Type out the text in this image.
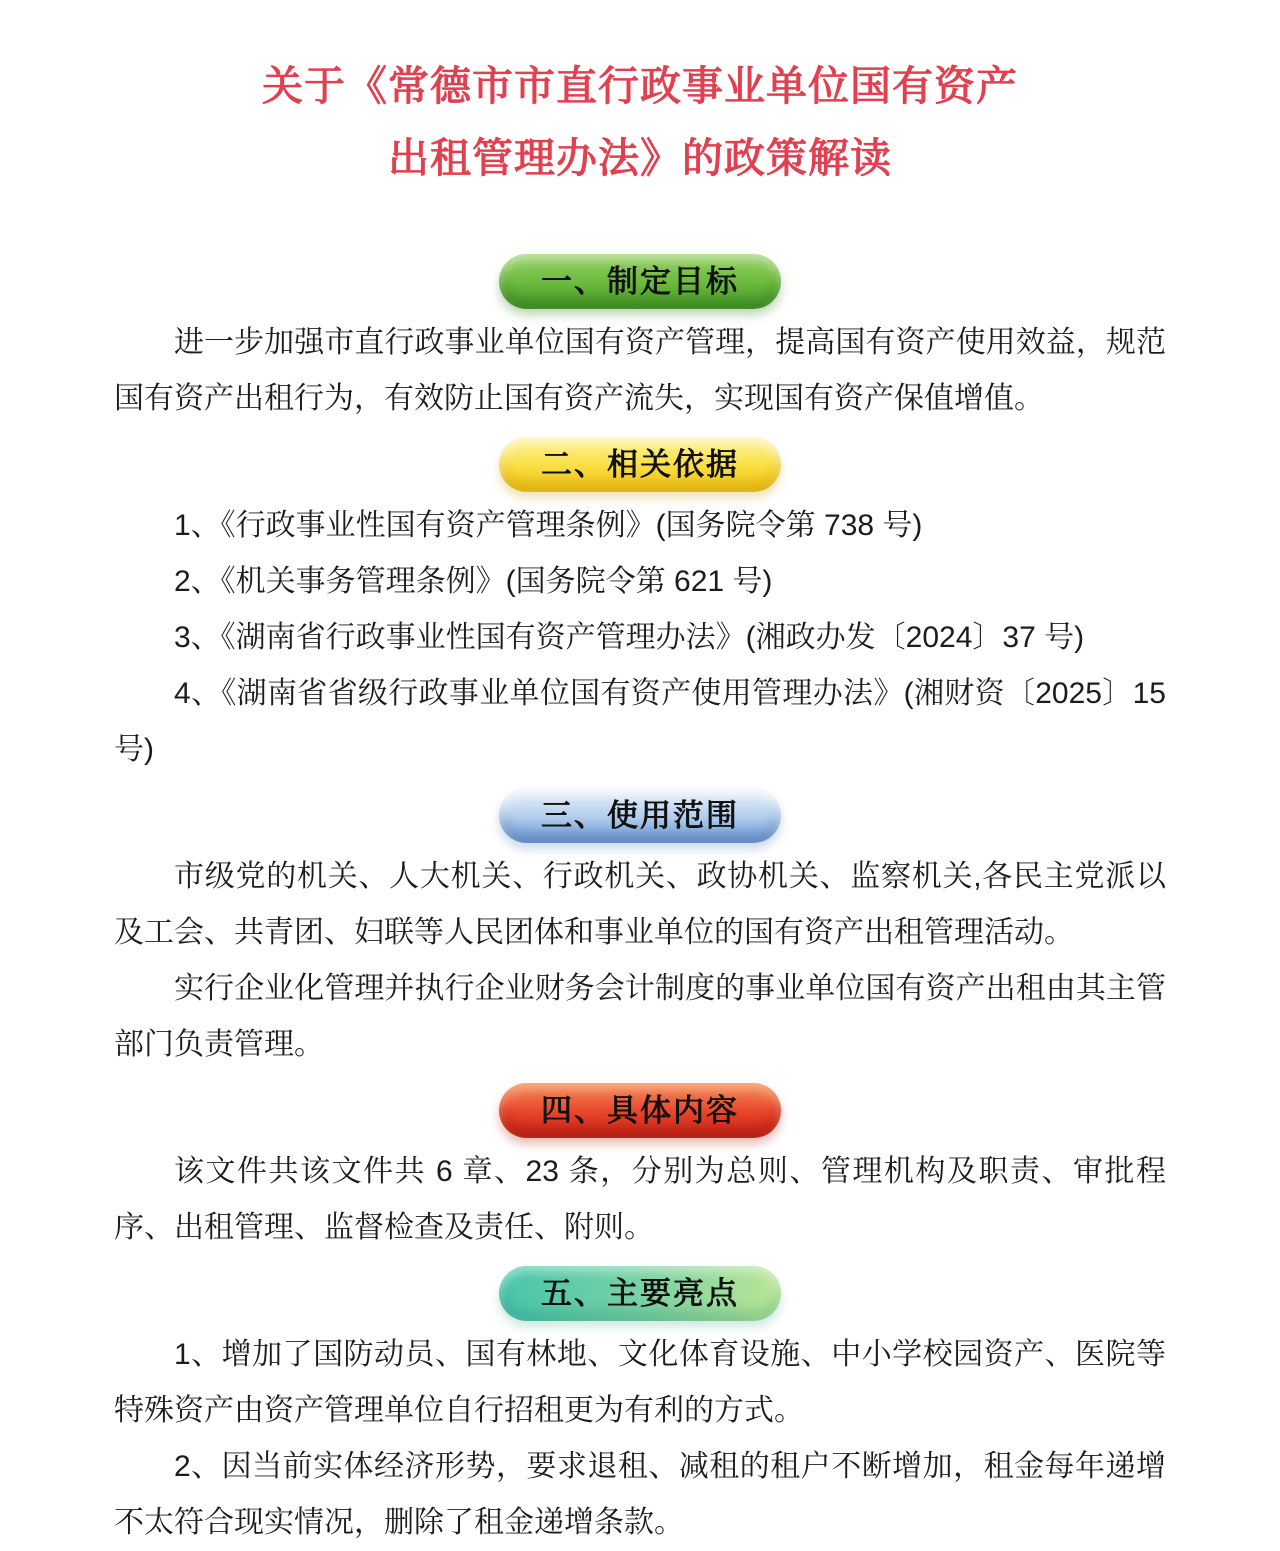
关于《常德市市直行政事业单位国有资产
出租管理办法》的政策解读
一、制定目标

进一步加强市直行政事业单位国有资产管理，提高国有资产使用效益，规范国有资产出租行为，有效防止国有资产流失，实现国有资产保值增值。

二、相关依据

1、《行政事业性国有资产管理条例》(国务院令第 738 号)

2、《机关事务管理条例》(国务院令第 621 号)

3、《湖南省行政事业性国有资产管理办法》(湘政办发〔2024〕37 号)

4、《湖南省省级行政事业单位国有资产使用管理办法》(湘财资〔2025〕15 号)

三、使用范围

市级党的机关、人大机关、行政机关、政协机关、监察机关,各民主党派以及工会、共青团、妇联等人民团体和事业单位的国有资产出租管理活动。

实行企业化管理并执行企业财务会计制度的事业单位国有资产出租由其主管部门负责管理。

四、具体内容

该文件共该文件共 6 章、23 条，分别为总则、管理机构及职责、审批程序、出租管理、监督检查及责任、附则。

五、主要亮点

1、增加了国防动员、国有林地、文化体育设施、中小学校园资产、医院等特殊资产由资产管理单位自行招租更为有利的方式。

2、因当前实体经济形势，要求退租、减租的租户不断增加，租金每年递增不太符合现实情况，删除了租金递增条款。
